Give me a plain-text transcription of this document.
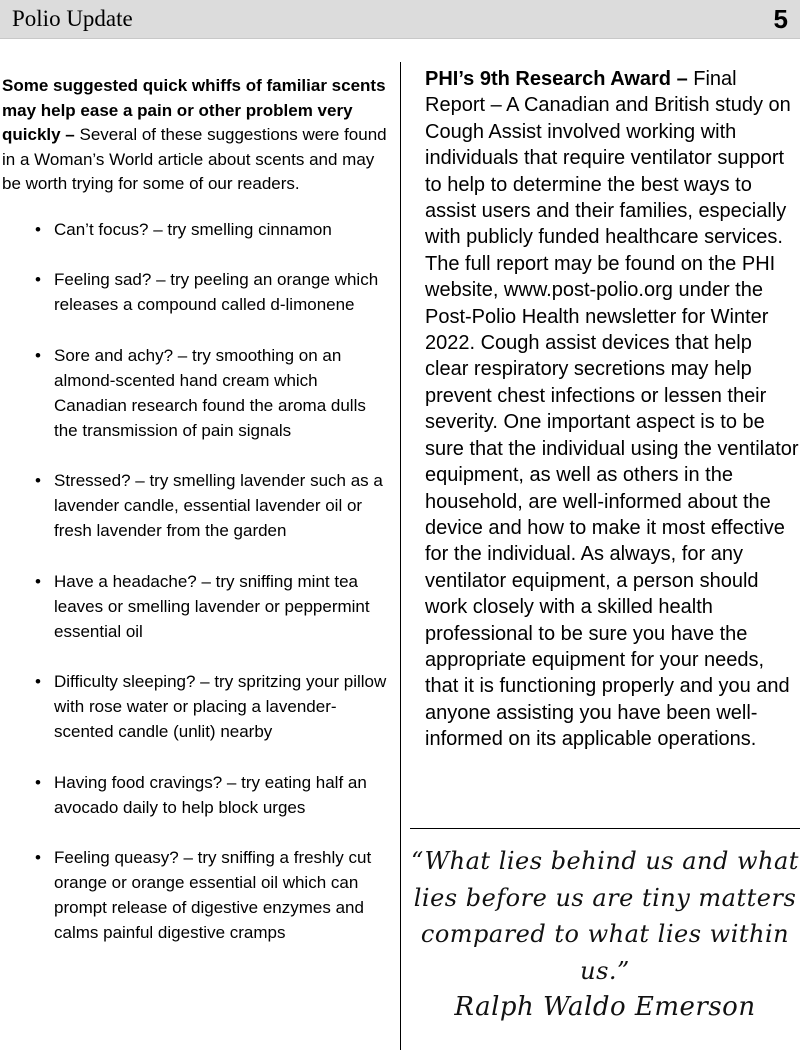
Polio Update	5
Some suggested quick whiffs of familiar scents may help ease a pain or other problem very quickly – Several of these suggestions were found in a Woman’s World article about scents and may be worth trying for some of our readers.
• Can’t focus? – try smelling cinnamon
• Feeling sad? – try peeling an orange which releases a compound called d-limonene
• Sore and achy? – try smoothing on an almond-scented hand cream which Canadian research found the aroma dulls the transmission of pain signals
• Stressed? – try smelling lavender such as a lavender candle, essential lavender oil or fresh lavender from the garden
• Have a headache? – try sniffing mint tea leaves or smelling lavender or peppermint essential oil
• Difficulty sleeping? – try spritzing your pillow with rose water or placing a lavender-scented candle (unlit) nearby
• Having food cravings? – try eating half an avocado daily to help block urges
• Feeling queasy? – try sniffing a freshly cut orange or orange essential oil which can prompt release of digestive enzymes and calms painful digestive cramps
PHI’s 9th Research Award – Final Report – A Canadian and British study on Cough Assist involved working with individuals that require ventilator support to help to determine the best ways to assist users and their families, especially with publicly funded healthcare services. The full report may be found on the PHI website, www.post-polio.org under the Post-Polio Health newsletter for Winter 2022. Cough assist devices that help clear respiratory secretions may help prevent chest infections or lessen their severity. One important aspect is to be sure that the individual using the ventilator equipment, as well as others in the household, are well-informed about the device and how to make it most effective for the individual. As always, for any ventilator equipment, a person should work closely with a skilled health professional to be sure you have the appropriate equipment for your needs, that it is functioning properly and you and anyone assisting you have been well-informed on its applicable operations.
“What lies behind us and what lies before us are tiny matters compared to what lies within us.”
Ralph Waldo Emerson
